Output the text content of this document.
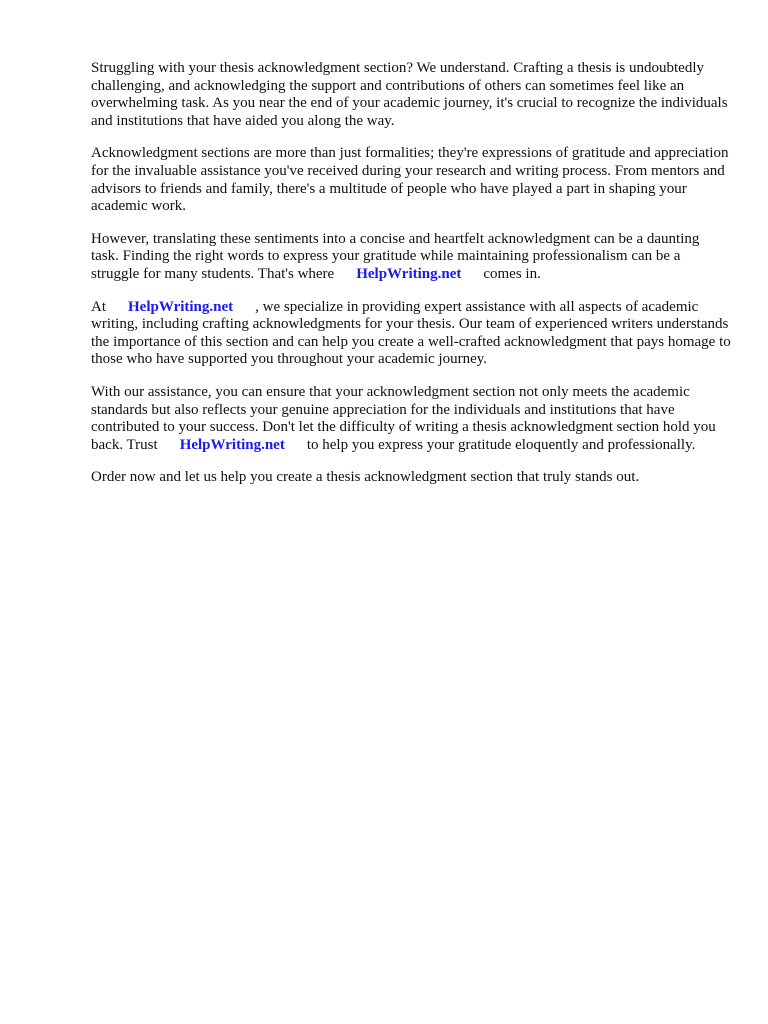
Struggling with your thesis acknowledgment section? We understand. Crafting a thesis is undoubtedly challenging, and acknowledging the support and contributions of others can sometimes feel like an overwhelming task. As you near the end of your academic journey, it's crucial to recognize the individuals and institutions that have aided you along the way.

Acknowledgment sections are more than just formalities; they're expressions of gratitude and appreciation for the invaluable assistance you've received during your research and writing process. From mentors and advisors to friends and family, there's a multitude of people who have played a part in shaping your academic work.

However, translating these sentiments into a concise and heartfelt acknowledgment can be a daunting task. Finding the right words to express your gratitude while maintaining professionalism can be a struggle for many students. That's where HelpWriting.net comes in.

At HelpWriting.net , we specialize in providing expert assistance with all aspects of academic writing, including crafting acknowledgments for your thesis. Our team of experienced writers understands the importance of this section and can help you create a well-crafted acknowledgment that pays homage to those who have supported you throughout your academic journey.

With our assistance, you can ensure that your acknowledgment section not only meets the academic standards but also reflects your genuine appreciation for the individuals and institutions that have contributed to your success. Don't let the difficulty of writing a thesis acknowledgment section hold you back. Trust HelpWriting.net to help you express your gratitude eloquently and professionally.

Order now and let us help you create a thesis acknowledgment section that truly stands out.
